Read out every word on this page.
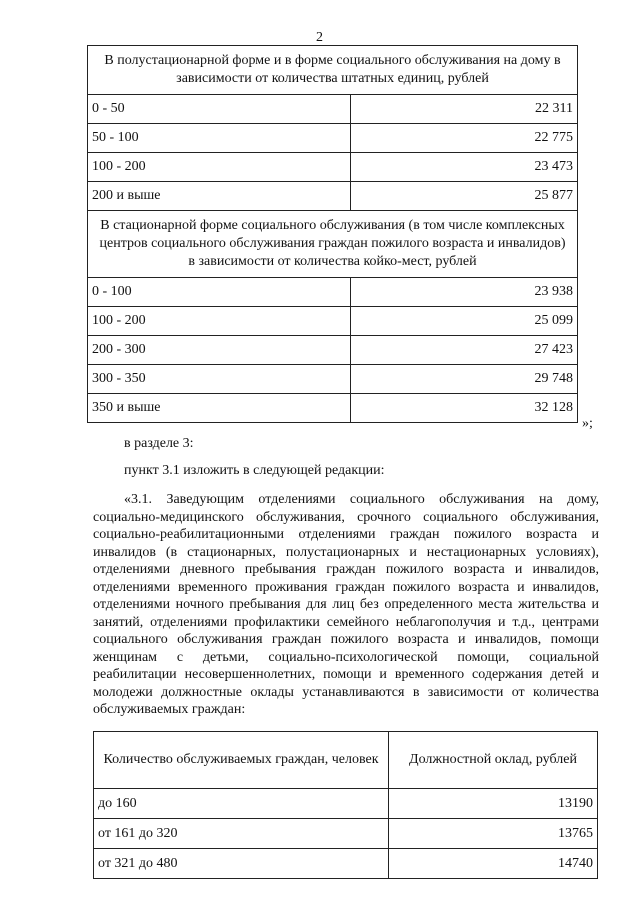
2
В полустационарной форме и в форме социального обслуживания на дому в зависимости от количества штатных единиц, рублей	
0 - 50	22 311
50 - 100	22 775
100 - 200	23 473
200 и выше	25 877
В стационарной форме социального обслуживания (в том числе комплексных центров социального обслуживания граждан пожилого возраста и инвалидов) в зависимости от количества койко-мест, рублей	
0 - 100	23 938
100 - 200	25 099
200 - 300	27 423
300 - 350	29 748
350 и выше	32 128
»;
в разделе 3:
пункт 3.1 изложить в следующей редакции:
«3.1. Заведующим отделениями социального обслуживания на дому, социально-медицинского обслуживания, срочного социального обслуживания, социально-реабилитационными отделениями граждан пожилого возраста и инвалидов (в стационарных, полустационарных и нестационарных условиях), отделениями дневного пребывания граждан пожилого возраста и инвалидов, отделениями временного проживания граждан пожилого возраста и инвалидов, отделениями ночного пребывания для лиц без определенного места жительства и занятий, отделениями профилактики семейного неблагополучия и т.д., центрами социального обслуживания граждан пожилого возраста и инвалидов, помощи женщинам с детьми, социально-психологической помощи, социальной реабилитации несовершеннолетних, помощи и временного содержания детей и молодежи должностные оклады устанавливаются в зависимости от количества обслуживаемых граждан:
Количество обслуживаемых граждан, человек	Должностной оклад, рублей
до 160	13190
от 161 до 320	13765
от 321 до 480	14740
